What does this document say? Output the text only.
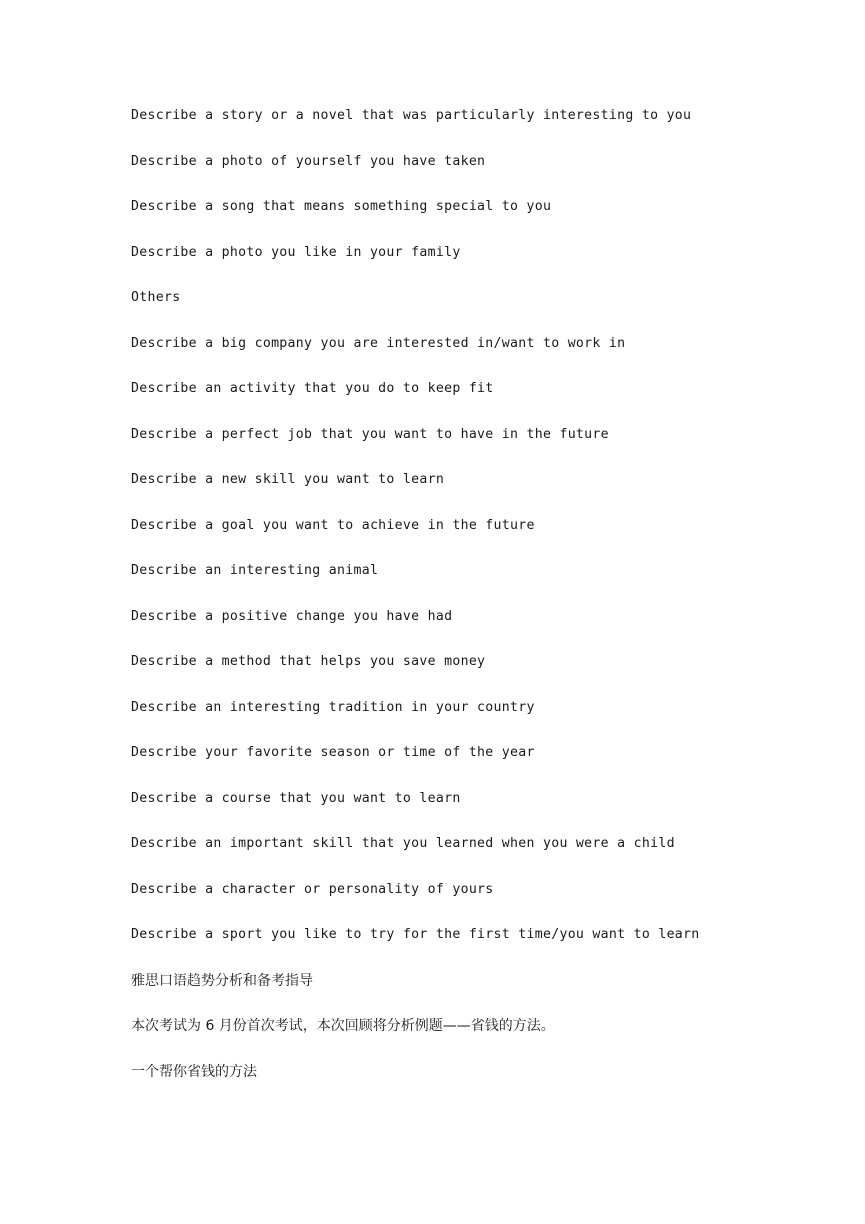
Describe a story or a novel that was particularly interesting to you
Describe a photo of yourself you have taken
Describe a song that means something special to you
Describe a photo you like in your family
Others
Describe a big company you are interested in/want to work in
Describe an activity that you do to keep fit
Describe a perfect job that you want to have in the future
Describe a new skill you want to learn
Describe a goal you want to achieve in the future
Describe an interesting animal
Describe a positive change you have had
Describe a method that helps you save money
Describe an interesting tradition in your country
Describe your favorite season or time of the year
Describe a course that you want to learn
Describe an important skill that you learned when you were a child
Describe a character or personality of yours
Describe a sport you like to try for the first time/you want to learn
雅思口语趋势分析和备考指导
本次考试为 6 月份首次考试，本次回顾将分析例题——省钱的方法。
一个帮你省钱的方法
